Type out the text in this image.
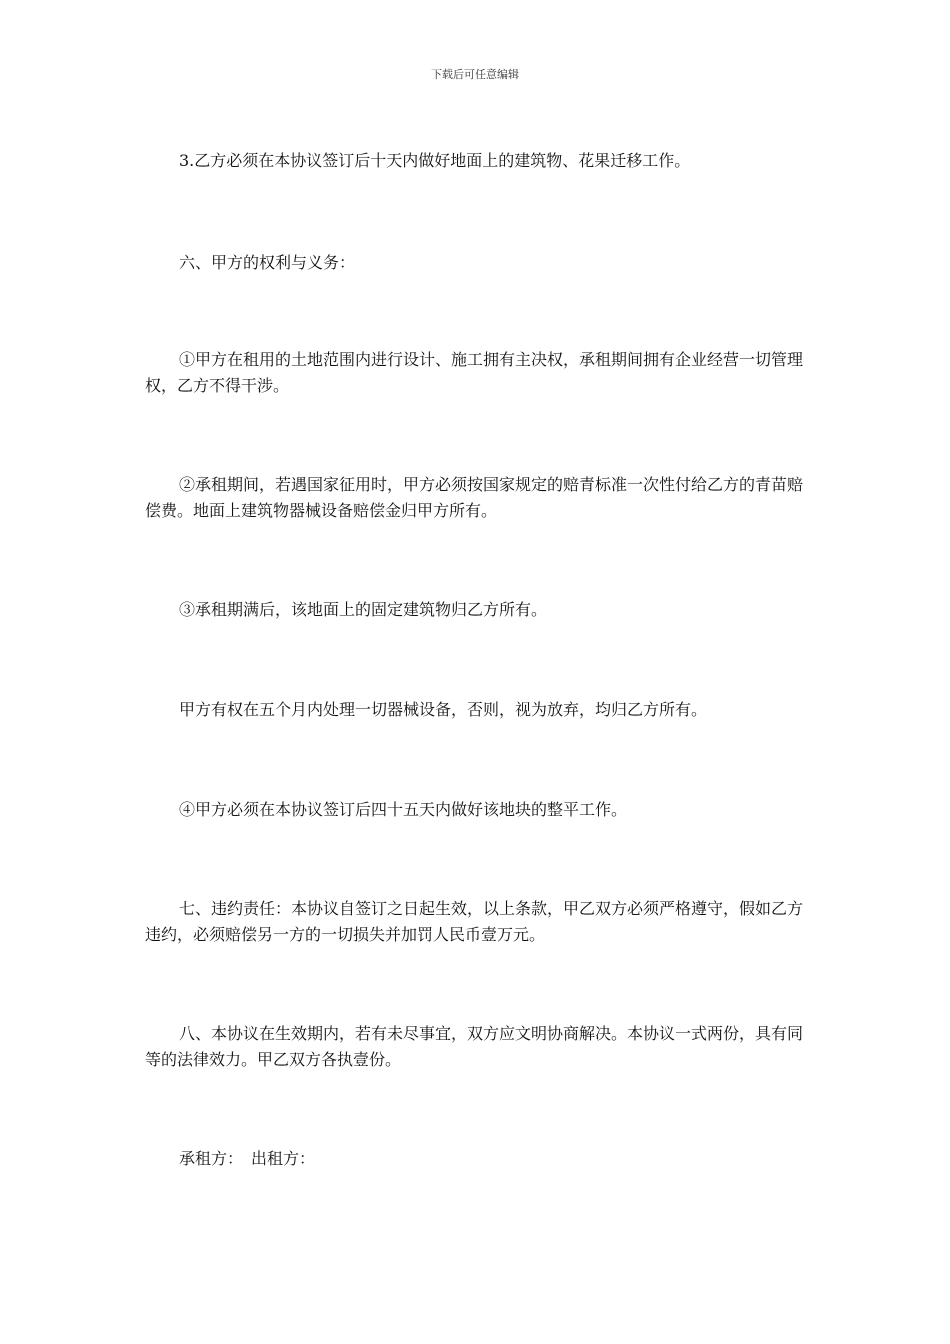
下载后可任意编辑

3.乙方必须在本协议签订后十天内做好地面上的建筑物、花果迁移工作。

六、甲方的权利与义务：

①甲方在租用的土地范围内进行设计、施工拥有主决权，承租期间拥有企业经营一切管理权，乙方不得干涉。

②承租期间，若遇国家征用时，甲方必须按国家规定的赔青标准一次性付给乙方的青苗赔偿费。地面上建筑物器械设备赔偿金归甲方所有。

③承租期满后，该地面上的固定建筑物归乙方所有。

甲方有权在五个月内处理一切器械设备，否则，视为放弃，均归乙方所有。

④甲方必须在本协议签订后四十五天内做好该地块的整平工作。

七、违约责任：本协议自签订之日起生效，以上条款，甲乙双方必须严格遵守，假如乙方违约，必须赔偿另一方的一切损失并加罚人民币壹万元。

八、本协议在生效期内，若有未尽事宜，双方应文明协商解决。本协议一式两份，具有同等的法律效力。甲乙双方各执壹份。

承租方：　出租方：
